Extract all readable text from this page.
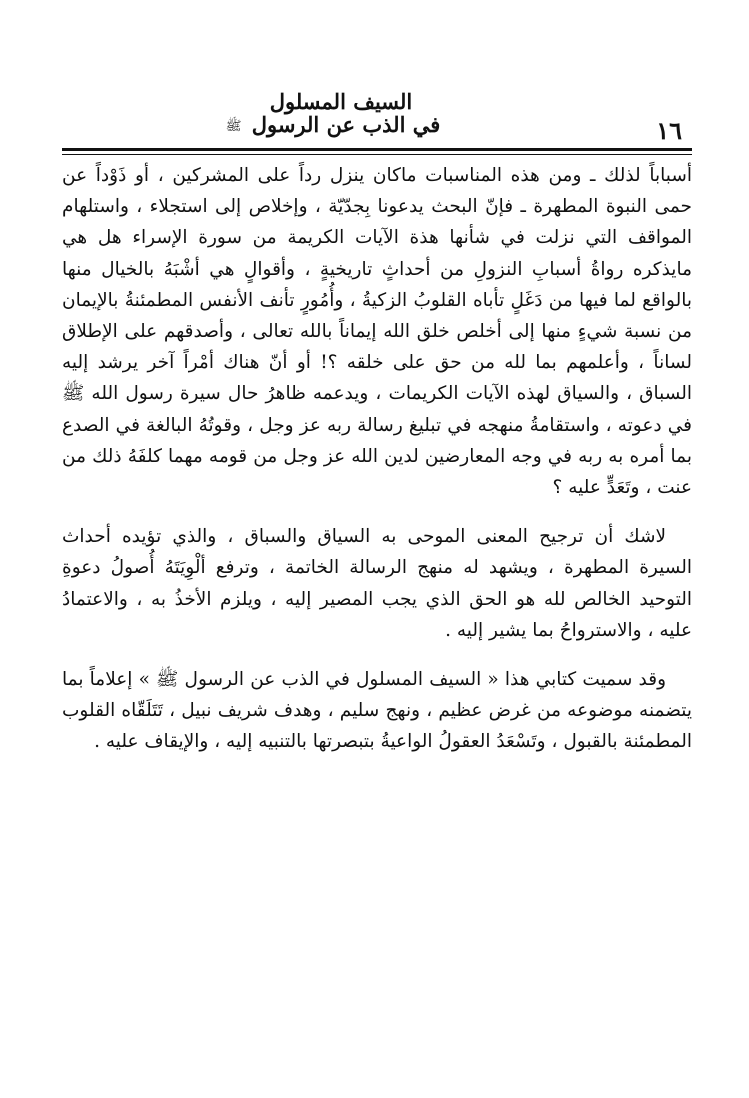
١٦
السيف المسلول
في الذب عن الرسول ﷺ

أسباباً لذلك ـ ومن هذه المناسبات ماكان ينزل رداً على المشركين ، أو ذَوْداً عن حمى النبوة المطهرة ـ فإنّ البحث يدعونا بِجدّيّة ، وإخلاص إلى استجلاء ، واستلهام المواقف التي نزلت في شأنها هذة الآيات الكريمة من سورة الإسراء هل هي مايذكره رواةُ أسبابِ النزولِ من أحداثٍ تاريخيةٍ ، وأقوالٍ هي أشْبَهُ بالخيال منها بالواقع لما فيها من دَغَلٍ تأباه القلوبُ الزكيةُ ، وأُمُورٍ تأنف الأنفس المطمئنةُ بالإيمان من نسبة شيءٍ منها إلى أخلص خلق الله إيماناً بالله تعالى ، وأصدقهم على الإطلاق لساناً ، وأعلمهم بما لله من حق على خلقه ؟! أو أنّ هناك أمْراً آخر يرشد إليه السباق ، والسياق لهذه الآيات الكريمات ، ويدعمه ظاهرُ حال سيرة رسول الله ﷺ في دعوته ، واستقامةُ منهجه في تبليغ رسالة ربه عز وجل ، وقوتُهُ البالغة في الصدع بما أمره به ربه في وجه المعارضين لدين الله عز وجل من قومه مهما كلفَهُ ذلك من عنت ، وتَعَدٍّ عليه ؟

لاشك أن ترجيح المعنى الموحى به السياق والسباق ، والذي تؤيده أحداث السيرة المطهرة ، ويشهد له منهج الرسالة الخاتمة ، وترفع ألْوِيَتَهُ أُصولُ دعوةِ التوحيد الخالص لله هو الحق الذي يجب المصير إليه ، ويلزم الأخذُ به ، والاعتمادُ عليه ، والاسترواحُ بما يشير إليه .

وقد سميت كتابي هذا « السيف المسلول في الذب عن الرسول ﷺ » إعلاماً بما يتضمنه موضوعه من غرض عظيم ، ونهج سليم ، وهدف شريف نبيل ، تَتَلَقّاه القلوب المطمئنة بالقبول ، وتَسْعَدُ العقولُ الواعيةُ بتبصرتها بالتنبيه إليه ، والإيقاف عليه .
